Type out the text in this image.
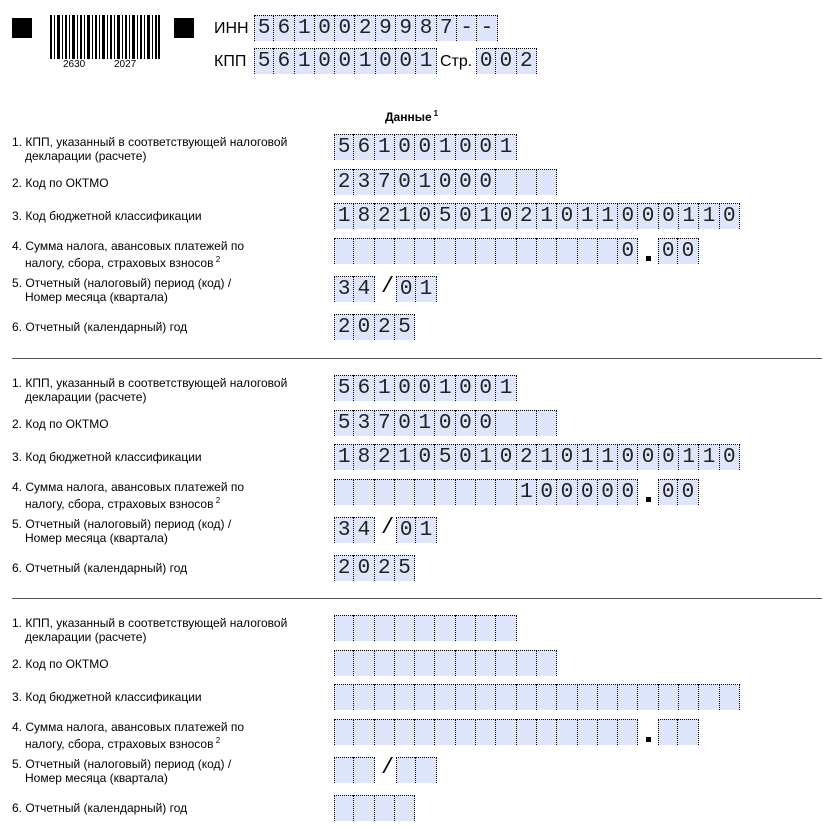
2630	2027
ИНН 5 6 1 0 0 2 9 9 8 7 - -
КПП 5 6 1 0 0 1 0 0 1 Стр. 0 0 2
Данные $^1$
1. КПП, указанный в соответствующей налоговой
декларации (расчете)
2. Код по ОКТМО
3. Код бюджетной классификации
4. Сумма налога, авансовых платежей по
налогу, сбора, страховых взносов $^2$
5. Отчетный (налоговый) период (код) /
Номер месяца (квартала)
6. Отчетный (календарный) год
5 6 1 0 0 1 0 0 1
2 3 7 0 1 0 0 0
1 8 2 1 0 5 0 1 0 2 1 0 1 1 0 0 0 1 1 0
0 0 0
3 4 / 0 1
2 0 2 5
1. КПП, указанный в соответствующей налоговой
декларации (расчете)
2. Код по ОКТМО
3. Код бюджетной классификации
4. Сумма налога, авансовых платежей по
налогу, сбора, страховых взносов $^2$
5. Отчетный (налоговый) период (код) /
Номер месяца (квартала)
6. Отчетный (календарный) год
5 6 1 0 0 1 0 0 1
5 3 7 0 1 0 0 0
1 8 2 1 0 5 0 1 0 2 1 0 1 1 0 0 0 1 1 0
1 0 0 0 0 0 0 0
3 4 / 0 1
2 0 2 5
1. КПП, указанный в соответствующей налоговой
декларации (расчете)
2. Код по ОКТМО
3. Код бюджетной классификации
4. Сумма налога, авансовых платежей по
налогу, сбора, страховых взносов $^2$
5. Отчетный (налоговый) период (код) /
Номер месяца (квартала)
6. Отчетный (календарный) год
/
